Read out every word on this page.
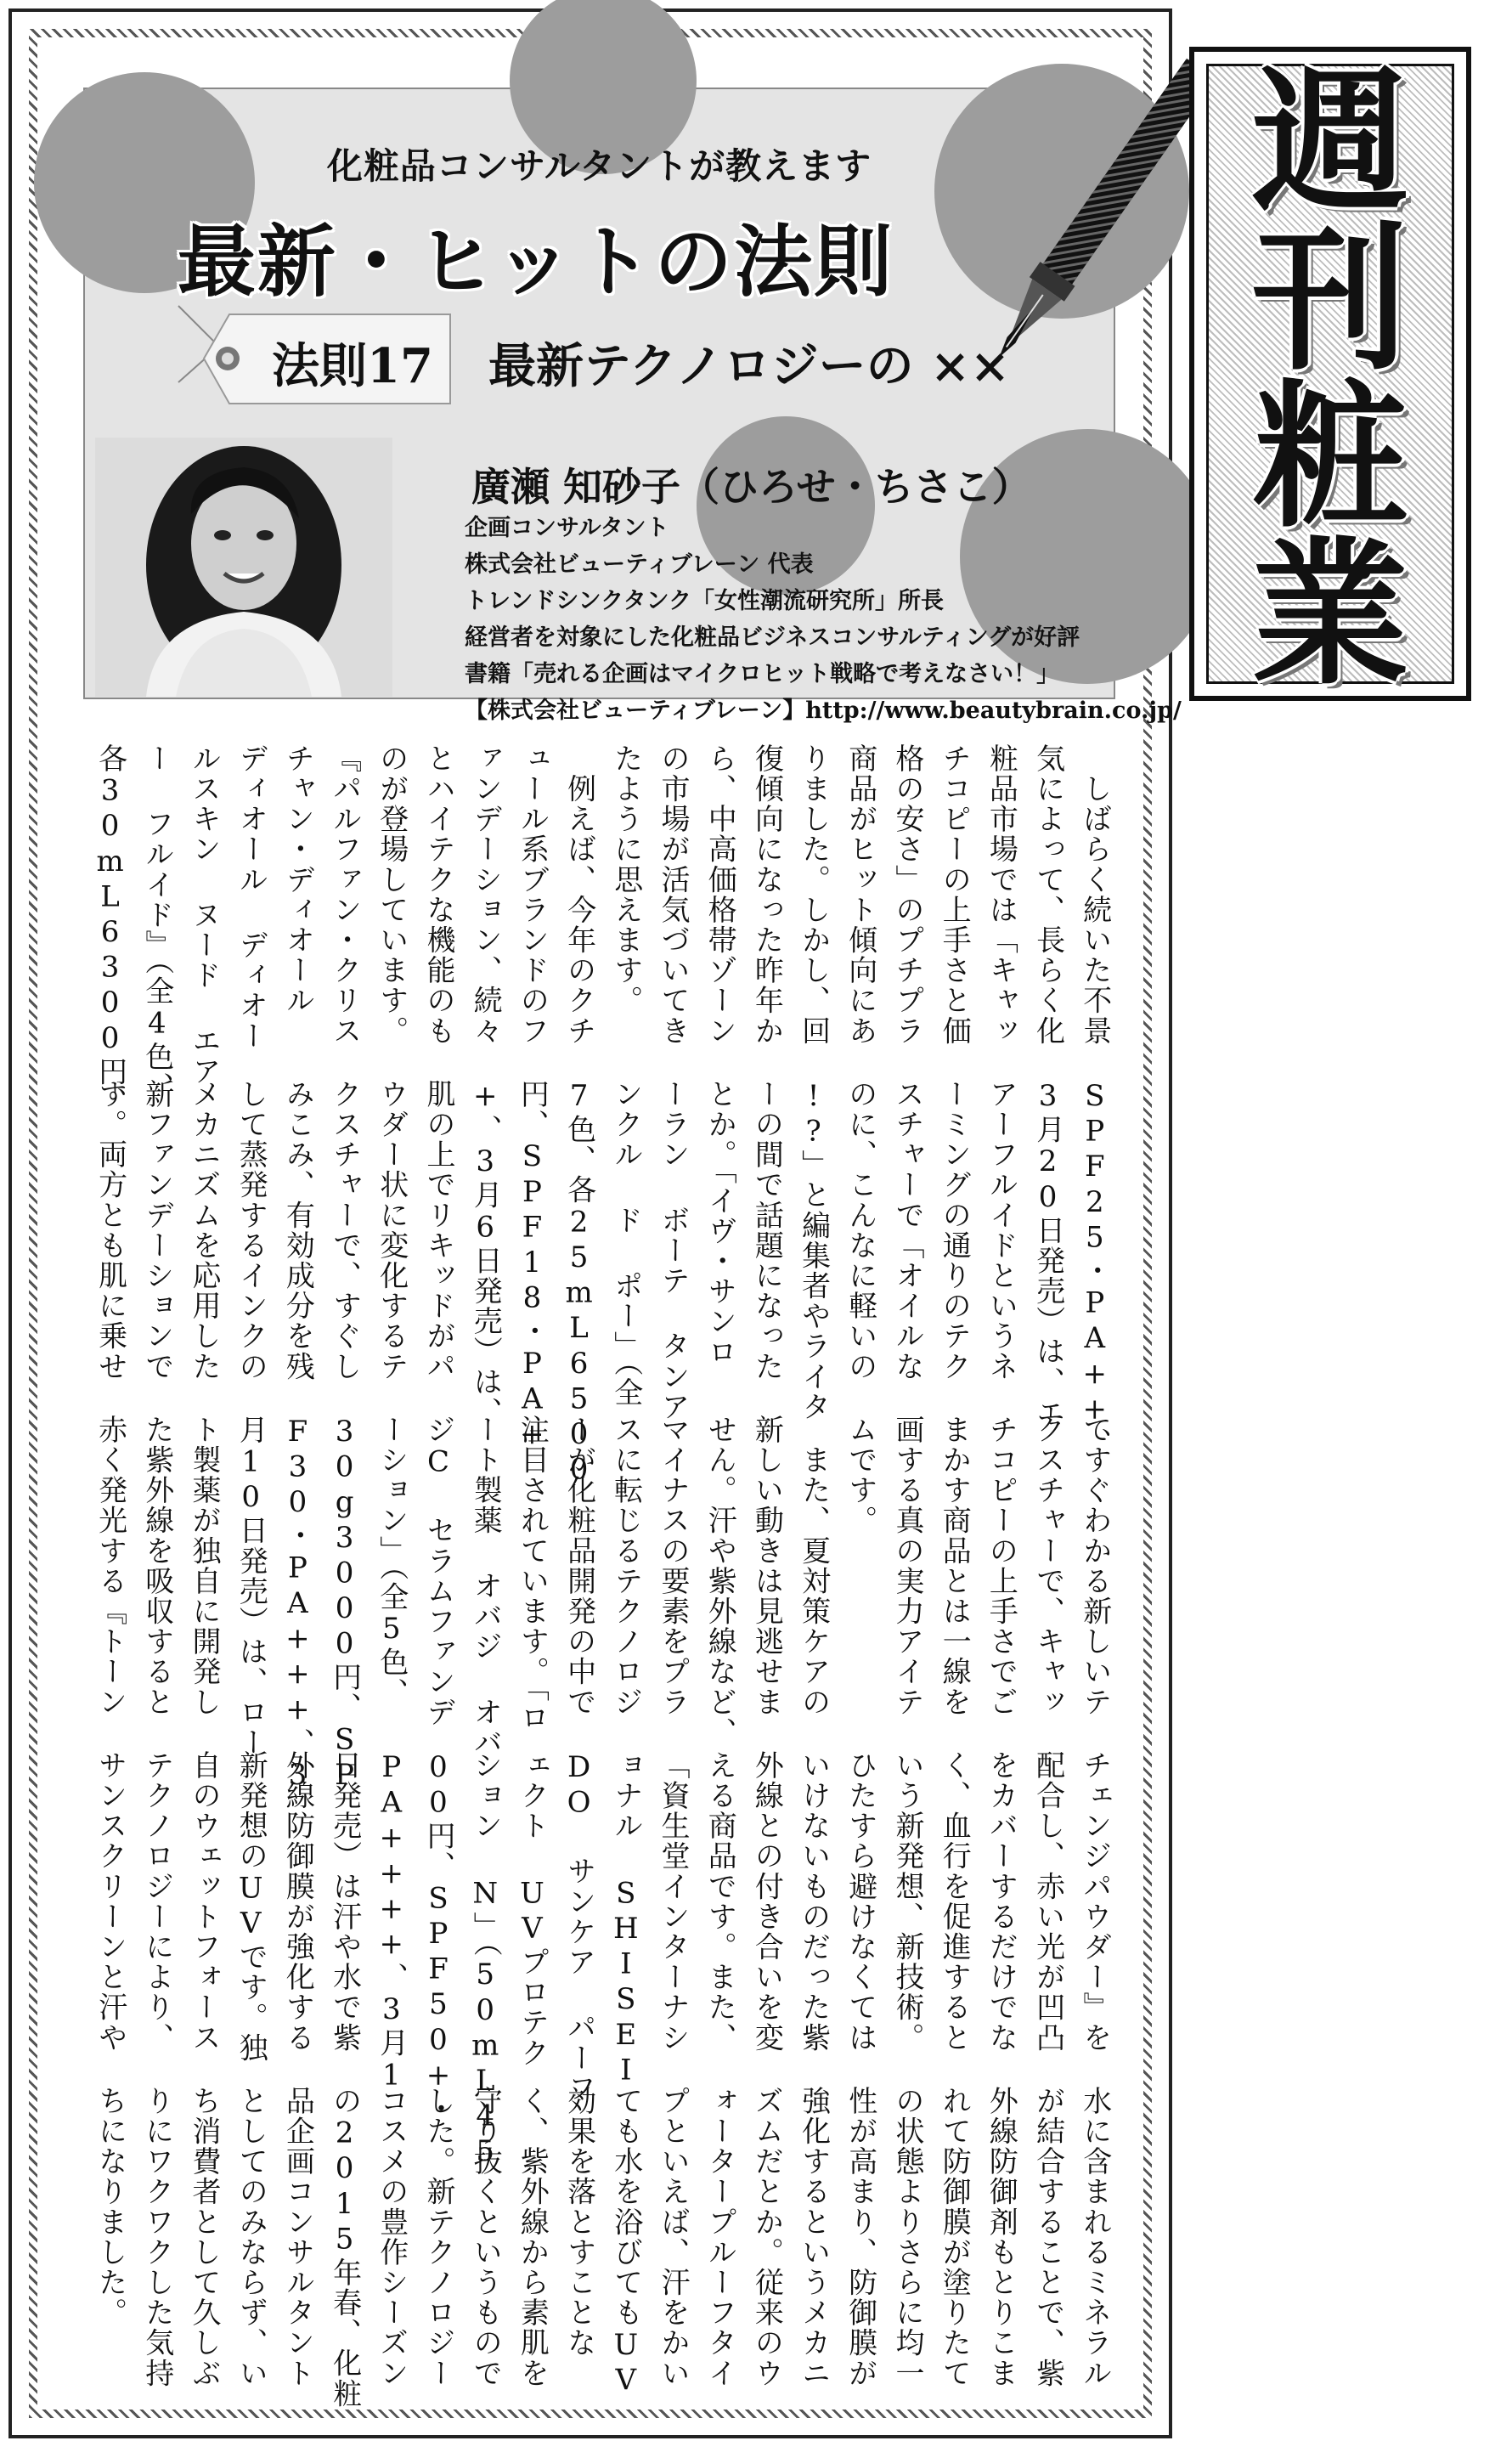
化粧品コンサルタントが教えます
最新・ヒットの法則
法則17 最新テクノロジーの ××
廣瀬 知砂子（ひろせ・ちさこ）
企画コンサルタント
株式会社ビューティブレーン 代表
トレンドシンクタンク「女性潮流研究所」所長
経営者を対象にした化粧品ビジネスコンサルティングが好評
書籍「売れる企画はマイクロヒット戦略で考えなさい！」
【株式会社ビューティブレーン】http://www.beautybrain.co.jp/
　しばらく続いた不景
気によって、長らく化
粧品市場では「キャッ
チコピーの上手さと価
格の安さ」のプチプラ
商品がヒット傾向にあ
りました。しかし、回
復傾向になった昨年か
ら、中高価格帯ゾーン
の市場が活気づいてき
たように思えます。
　例えば、今年のクチ
ュール系ブランドのフ
ァンデーション、続々
とハイテクな機能のも
のが登場しています。
『パルファン・クリス
チャン・ディオール
ディオール ディオー
ルスキン ヌード エア
ー フルイド』（全4色、
各30mL6300円、
SPF25・PA++、
3月20日発売）は、エ
アーフルイドというネ
ーミングの通りのテク
スチャーで「オイルな
のに、こんなに軽いの
!?」と編集者やライタ
ーの間で話題になった
とか。「イヴ・サンロ
ーラン ボーテ タンア
ンクル ド ポー」（全
7色、各25mL6500
円、SPF18・PA+
+、3月6日発売）は、
肌の上でリキッドがパ
ウダー状に変化するテ
クスチャーで、すぐし
みこみ、有効成分を残
して蒸発するインクの
メカニズムを応用した
新ファンデーションで
す。両方とも肌に乗せ
てすぐわかる新しいテ
クスチャーで、キャッ
チコピーの上手さでご
まかす商品とは一線を
画する真の実力アイテ
ムです。
　また、夏対策ケアの
新しい動きは見逃せま
せん。汗や紫外線など、
マイナスの要素をプラ
スに転じるテクノロジ
ーが化粧品開発の中で
注目されています。「ロ
ート製薬 オバジ オバ
ジC セラムファンデ
ーション」（全5色、
30g3000円、SP
F30・PA+++、3
月10日発売）は、ロー
ト製薬が独自に開発し
た紫外線を吸収すると
赤く発光する『トーン
チェンジパウダー』を
配合し、赤い光が凹凸
をカバーするだけでな
く、血行を促進すると
いう新発想、新技術。
ひたすら避けなくては
いけないものだった紫
外線との付き合いを変
える商品です。また、
「資生堂インターナシ
ョナル SHISEI
DO サンケア パーフ
ェクト UVプロテク
ション N」（50mL45
00円、SPF50+・
PA++++、3月1
日発売）は汗や水で紫
外線防御膜が強化する
新発想のUVです。独
自のウェットフォース
テクノロジーにより、
サンスクリーンと汗や
水に含まれるミネラル
が結合することで、紫
外線防御剤もとりこま
れて防御膜が塗りたて
の状態よりさらに均一
性が高まり、防御膜が
強化するというメカニ
ズムだとか。従来のウ
ォータープルーフタイ
プといえば、汗をかい
ても水を浴びてもUV
効果を落とすことな
く、紫外線から素肌を
守り抜くというもので
した。新テクノロジー
コスメの豊作シーズン
の2015年春、化粧
品企画コンサルタント
としてのみならず、い
ち消費者として久しぶ
りにワクワクした気持
ちになりました。
週
刊
粧
業
